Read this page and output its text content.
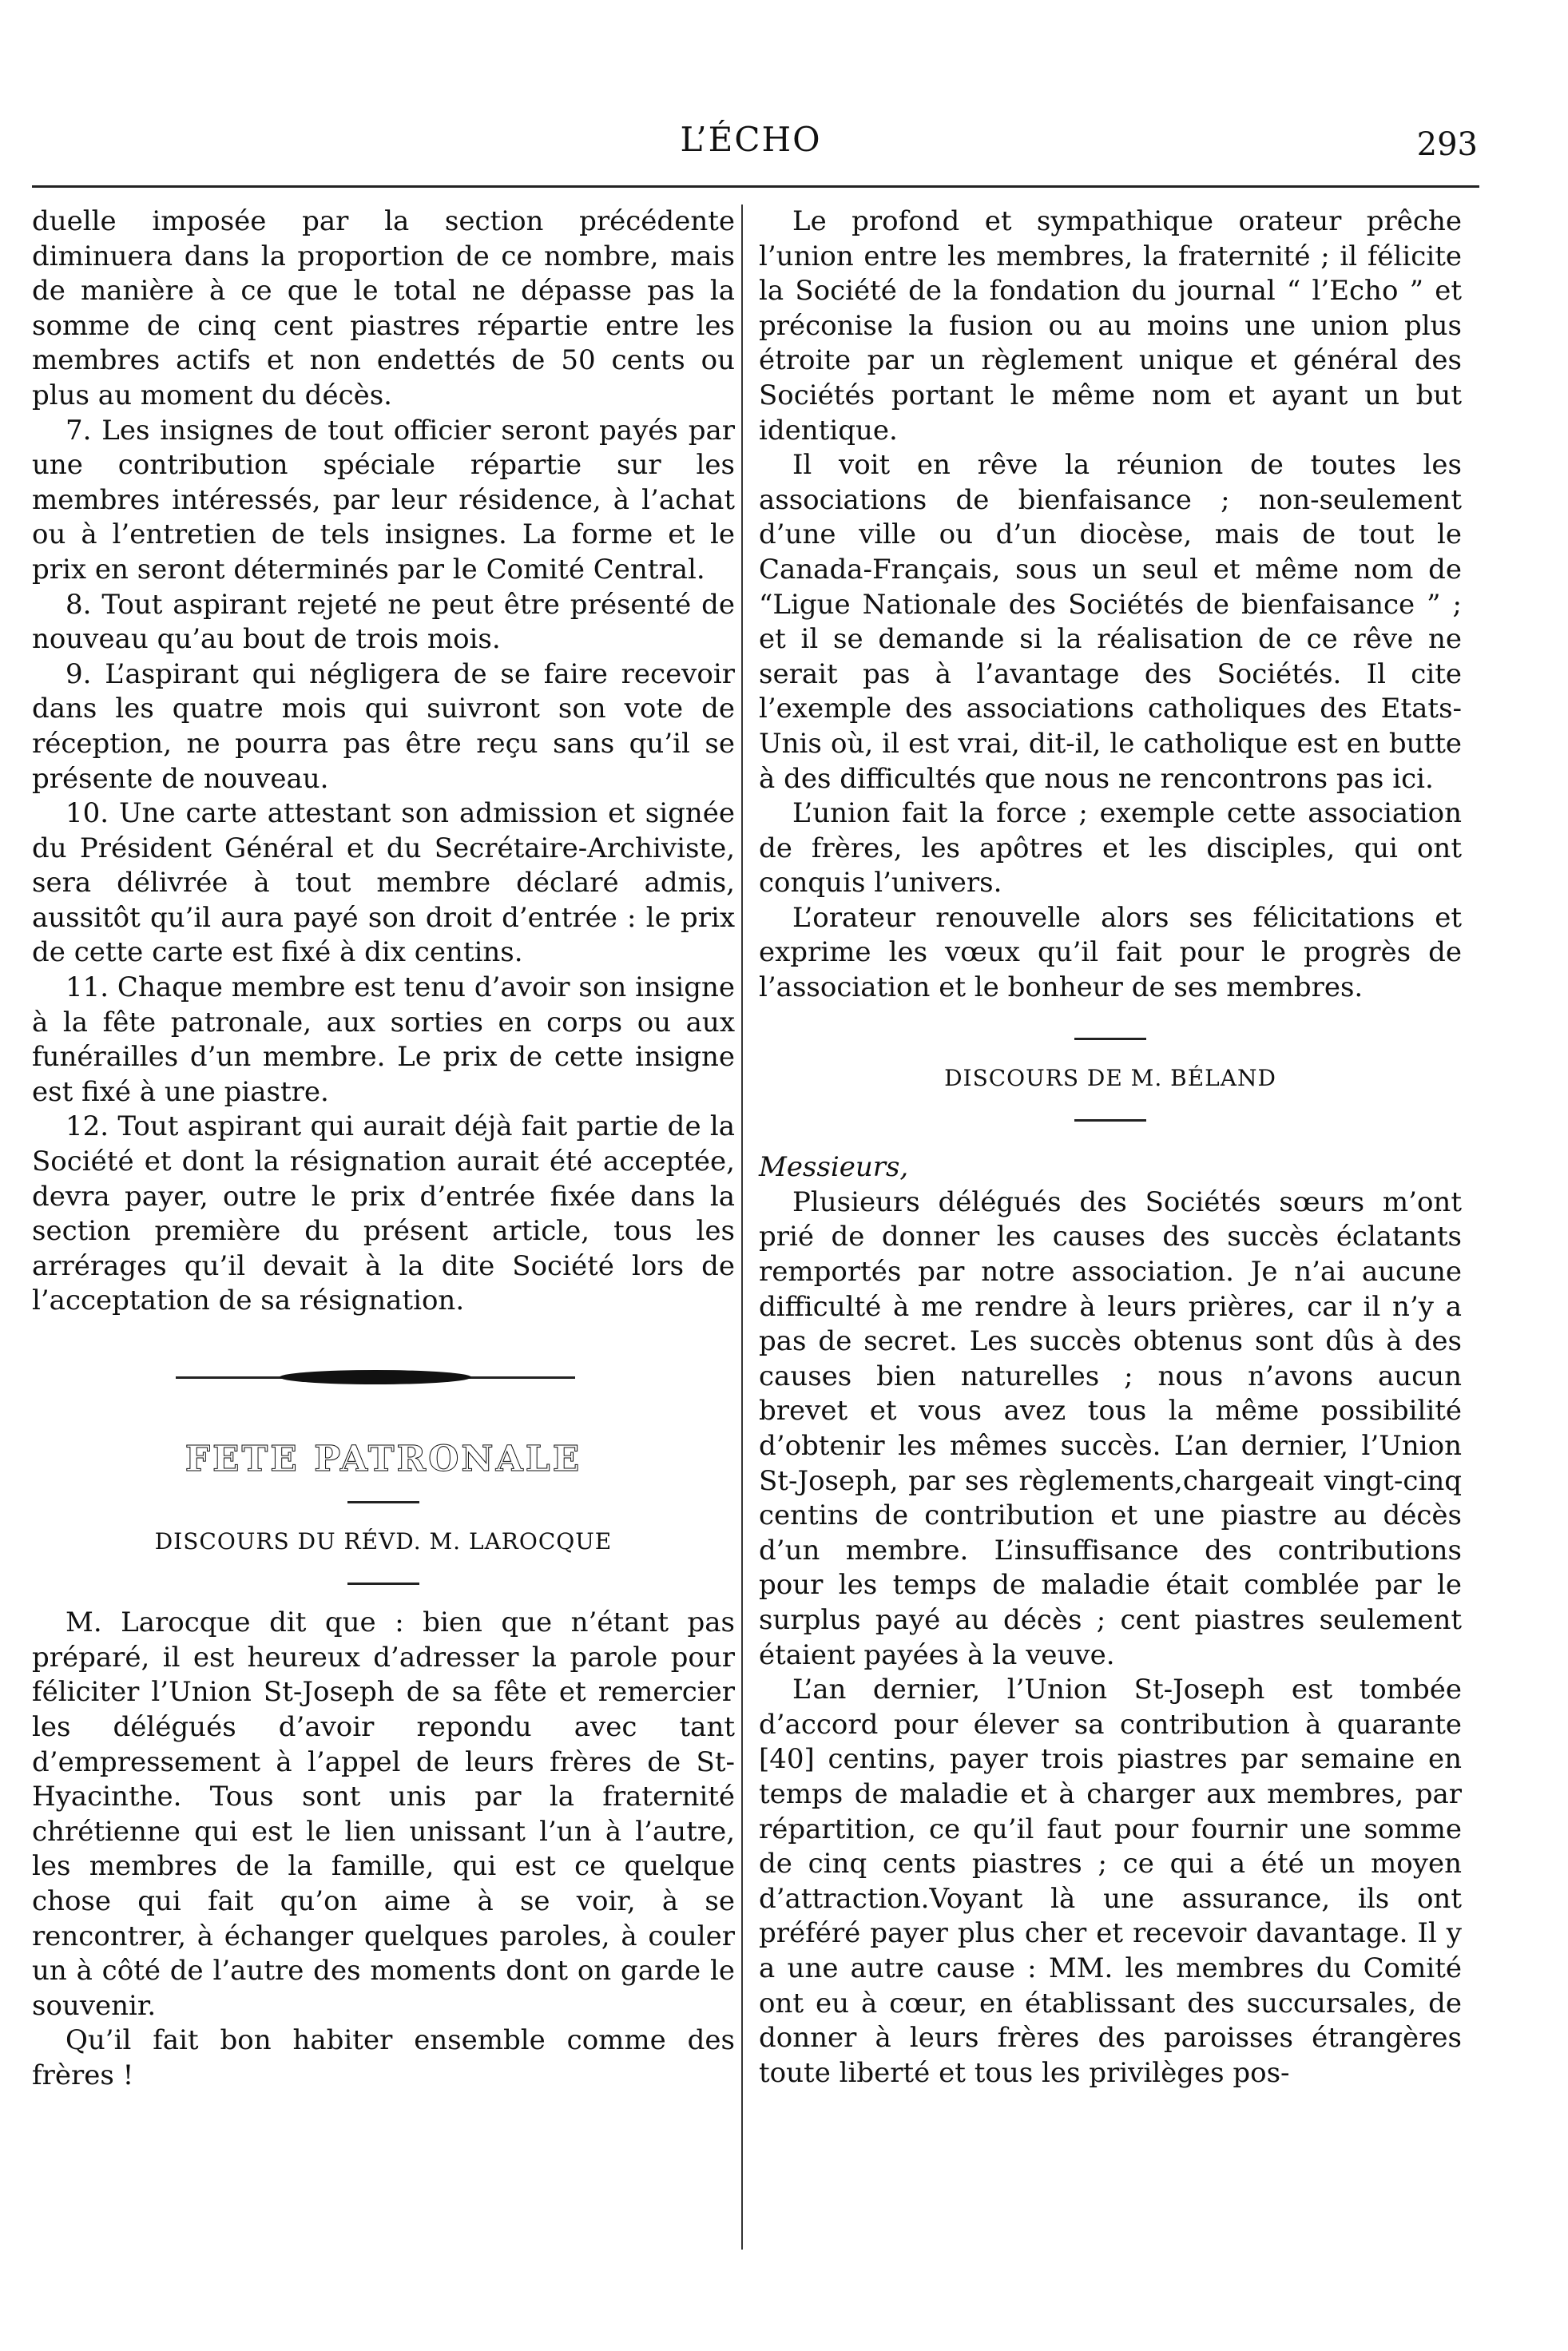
L’ÉCHO	293

duelle imposée par la section précédente diminuera dans la proportion de ce nombre, mais de manière à ce que le total ne dépasse pas la somme de cinq cent piastres répartie entre les membres actifs et non endettés de 50 cents ou plus au moment du décès.

7. Les insignes de tout officier seront payés par une contribution spéciale répartie sur les membres intéressés, par leur résidence, à l’achat ou à l’entretien de tels insignes. La forme et le prix en seront déterminés par le Comité Central.

8. Tout aspirant rejeté ne peut être présenté de nouveau qu’au bout de trois mois.

9. L’aspirant qui négligera de se faire recevoir dans les quatre mois qui suivront son vote de réception, ne pourra pas être reçu sans qu’il se présente de nouveau.

10. Une carte attestant son admission et signée du Président Général et du Secrétaire-Archiviste, sera délivrée à tout membre déclaré admis, aussitôt qu’il aura payé son droit d’entrée : le prix de cette carte est fixé à dix centins.

11. Chaque membre est tenu d’avoir son insigne à la fête patronale, aux sorties en corps ou aux funérailles d’un membre. Le prix de cette insigne est fixé à une piastre.

12. Tout aspirant qui aurait déjà fait partie de la Société et dont la résignation aurait été acceptée, devra payer, outre le prix d’entrée fixée dans la section première du présent article, tous les arrérages qu’il devait à la dite Société lors de l’acceptation de sa résignation.

FETE PATRONALE
DISCOURS DU RÉVD. M. LAROCQUE

M. Larocque dit que : bien que n’étant pas préparé, il est heureux d’adresser la parole pour féliciter l’Union St-Joseph de sa fête et remercier les délégués d’avoir repondu avec tant d’empressement à l’appel de leurs frères de St-Hyacinthe. Tous sont unis par la fraternité chrétienne qui est le lien unissant l’un à l’autre, les membres de la famille, qui est ce quelque chose qui fait qu’on aime à se voir, à se rencontrer, à échanger quelques paroles, à couler un à côté de l’autre des moments dont on garde le souvenir.

Qu’il fait bon habiter ensemble comme des frères !

Le profond et sympathique orateur prêche l’union entre les membres, la fraternité ; il félicite la Société de la fondation du journal “ l’Echo ” et préconise la fusion ou au moins une union plus étroite par un règlement unique et général des Sociétés portant le même nom et ayant un but identique.

Il voit en rêve la réunion de toutes les associations de bienfaisance ; non-seulement d’une ville ou d’un diocèse, mais de tout le Canada-Français, sous un seul et même nom de “Ligue Nationale des Sociétés de bienfaisance ” ; et il se demande si la réalisation de ce rêve ne serait pas à l’avantage des Sociétés. Il cite l’exemple des associations catholiques des Etats-Unis où, il est vrai, dit-il, le catholique est en butte à des difficultés que nous ne rencontrons pas ici.

L’union fait la force ; exemple cette association de frères, les apôtres et les disciples, qui ont conquis l’univers.

L’orateur renouvelle alors ses félicitations et exprime les vœux qu’il fait pour le progrès de l’association et le bonheur de ses membres.

DISCOURS DE M. BÉLAND
Messieurs,

Plusieurs délégués des Sociétés sœurs m’ont prié de donner les causes des succès éclatants remportés par notre association. Je n’ai aucune difficulté à me rendre à leurs prières, car il n’y a pas de secret. Les succès obtenus sont dûs à des causes bien naturelles ; nous n’avons aucun brevet et vous avez tous la même possibilité d’obtenir les mêmes succès. L’an dernier, l’Union St-Joseph, par ses règlements,chargeait vingt-cinq centins de contribution et une piastre au décès d’un membre. L’insuffisance des contributions pour les temps de maladie était comblée par le surplus payé au décès ; cent piastres seulement étaient payées à la veuve.

L’an dernier, l’Union St-Joseph est tombée d’accord pour élever sa contribution à quarante [40] centins, payer trois piastres par semaine en temps de maladie et à charger aux membres, par répartition, ce qu’il faut pour fournir une somme de cinq cents piastres ; ce qui a été un moyen d’attraction.Voyant là une assurance, ils ont préféré payer plus cher et recevoir davantage. Il y a une autre cause : MM. les membres du Comité ont eu à cœur, en établissant des succursales, de donner à leurs frères des paroisses étrangères toute liberté et tous les privilèges pos-
